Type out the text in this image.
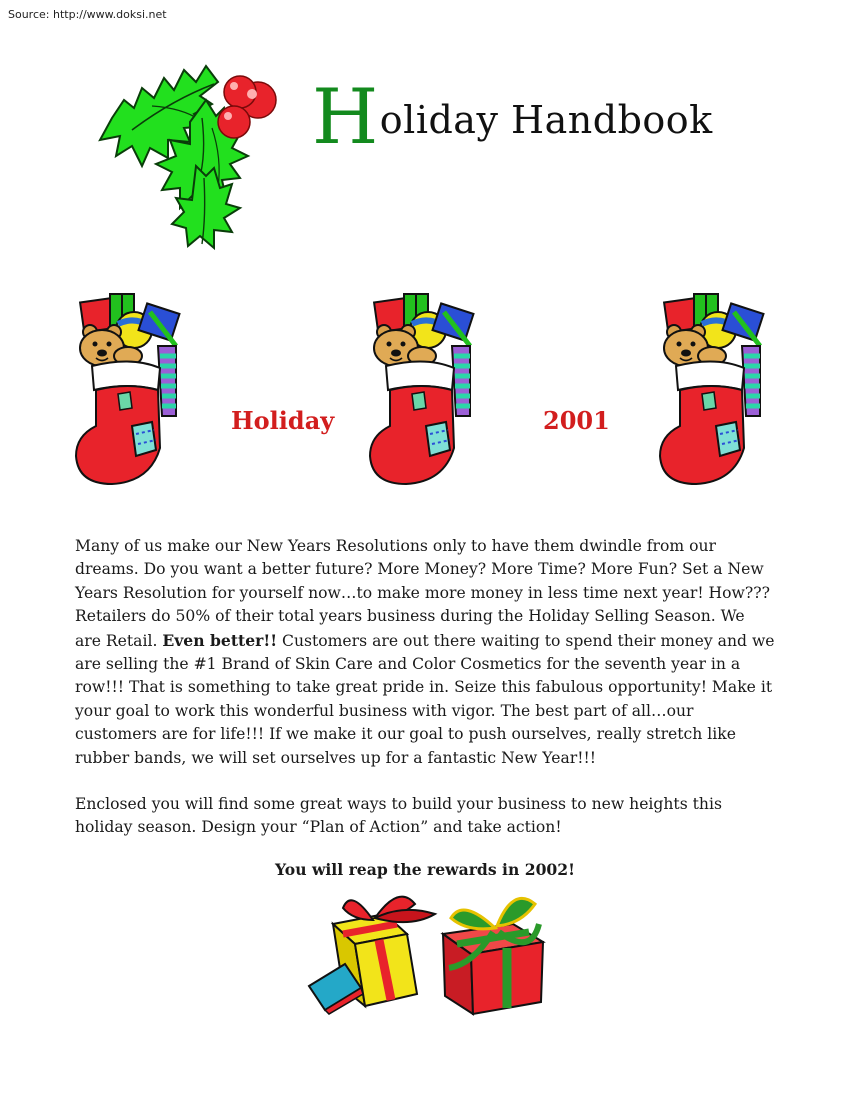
Source: http://www.doksi.net
Holiday Handbook
Holiday	2001

Many of us make our New Years Resolutions only to have them dwindle from our dreams. Do you want a better future? More Money? More Time? More Fun? Set a New Years Resolution for yourself now…to make more money in less time next year! How??? Retailers do 50% of their total years business during the Holiday Selling Season. We are Retail. Even better!! Customers are out there waiting to spend their money and we are selling the #1 Brand of Skin Care and Color Cosmetics for the seventh year in a row!!! That is something to take great pride in. Seize this fabulous opportunity! Make it your goal to work this wonderful business with vigor. The best part of all…our customers are for life!!! If we make it our goal to push ourselves, really stretch like rubber bands, we will set ourselves up for a fantastic New Year!!!

Enclosed you will find some great ways to build your business to new heights this holiday season. Design your “Plan of Action” and take action!

You will reap the rewards in 2002!
